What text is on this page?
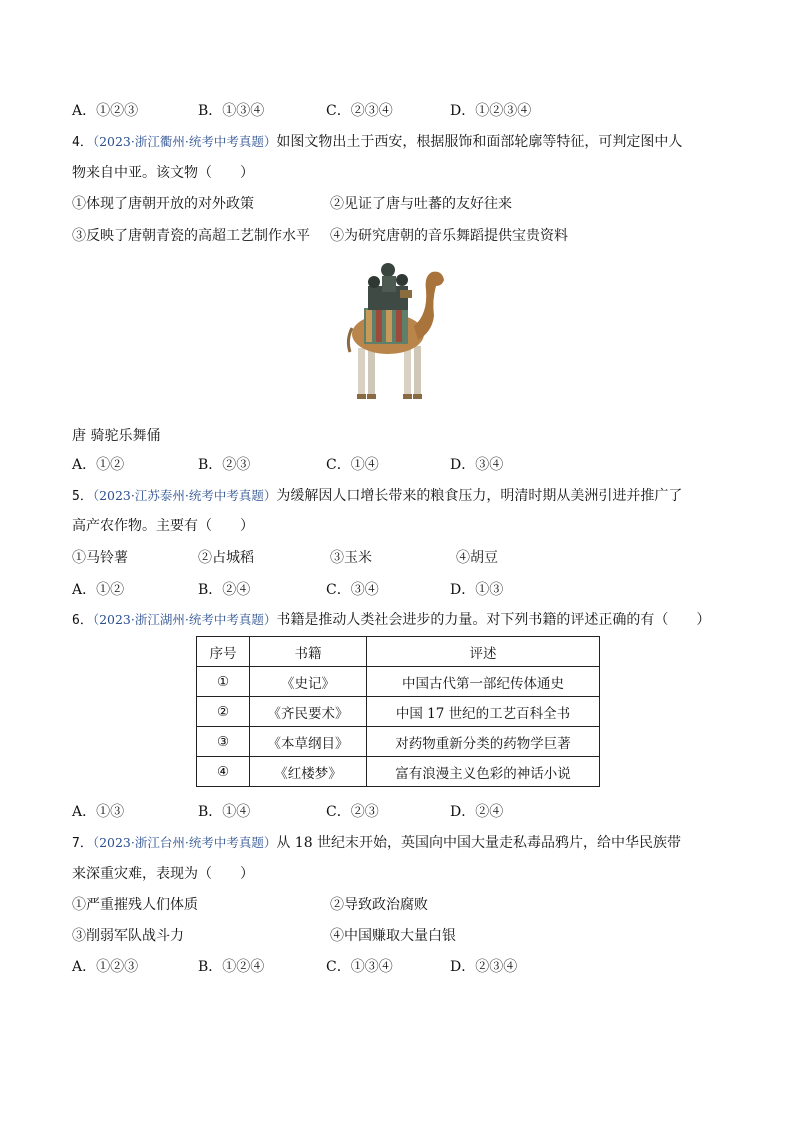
A．①②③	B．①③④	C．②③④	D．①②③④
4．（2023·浙江衢州·统考中考真题）如图文物出土于西安，根据服饰和面部轮廓等特征，可判定图中人
物来自中亚。该文物（　　）
①体现了唐朝开放的对外政策	②见证了唐与吐蕃的友好往来
③反映了唐朝青瓷的高超工艺制作水平 ④为研究唐朝的音乐舞蹈提供宝贵资料
唐 骑驼乐舞俑
A．①②	B．②③	C．①④	D．③④
5．（2023·江苏泰州·统考中考真题）为缓解因人口增长带来的粮食压力，明清时期从美洲引进并推广了
高产农作物。主要有（　　）
①马铃薯	②占城稻	③玉米	④胡豆
A．①②	B．②④	C．③④	D．①③
6．（2023·浙江湖州·统考中考真题）书籍是推动人类社会进步的力量。对下列书籍的评述正确的有（　　）
序号	书籍	评述
①	《史记》	中国古代第一部纪传体通史
②	《齐民要术》	中国 17 世纪的工艺百科全书
③	《本草纲目》	对药物重新分类的药物学巨著
④	《红楼梦》	富有浪漫主义色彩的神话小说
A．①③	B．①④	C．②③	D．②④
7．（2023·浙江台州·统考中考真题）从 18 世纪末开始，英国向中国大量走私毒品鸦片，给中华民族带
来深重灾难，表现为（　　）
①严重摧残人们体质	②导致政治腐败
③削弱军队战斗力	④中国赚取大量白银
A．①②③	B．①②④	C．①③④	D．②③④
